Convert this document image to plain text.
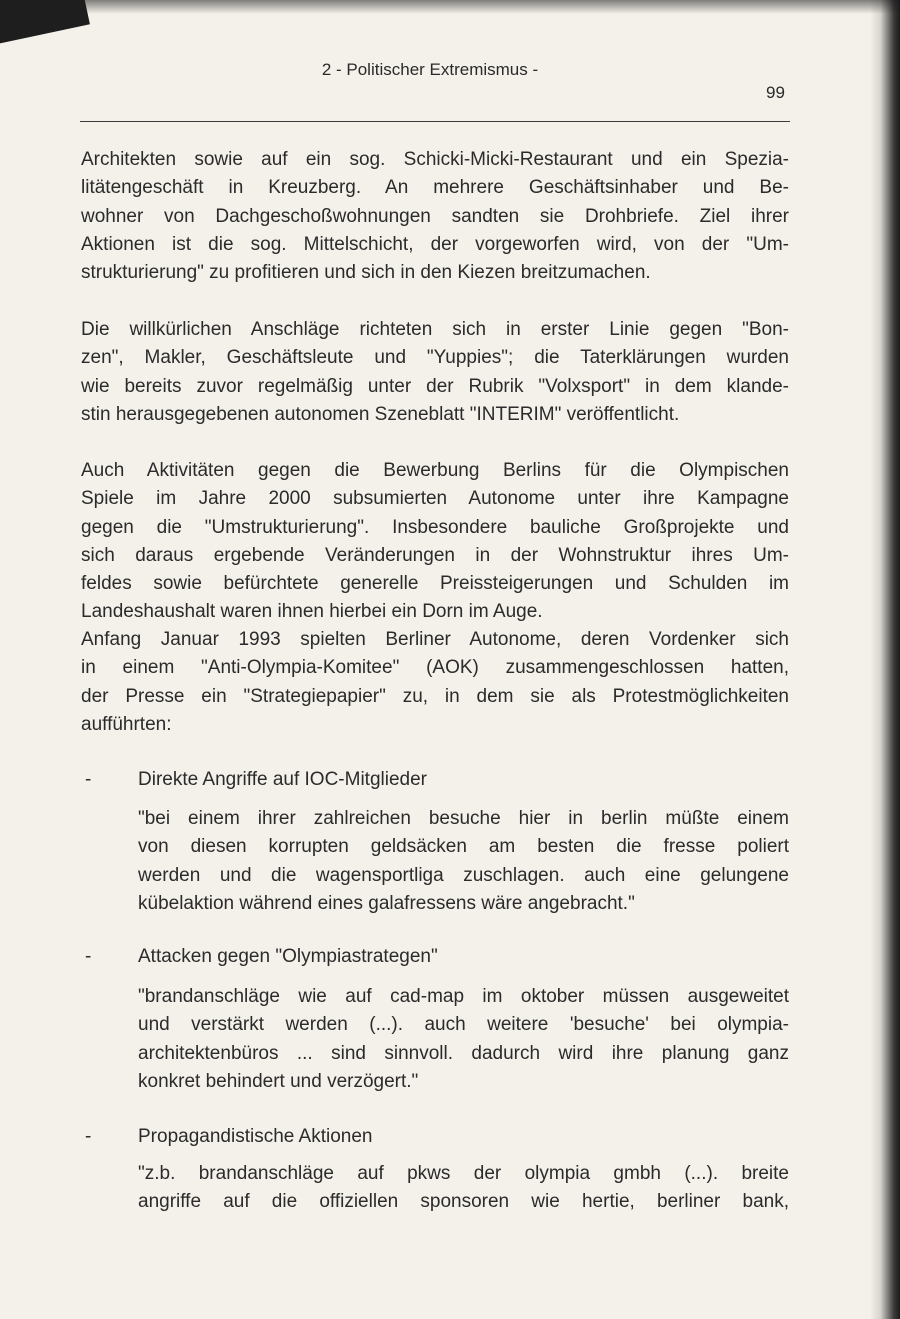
2 - Politischer Extremismus -
99
Architekten sowie auf ein sog. Schicki-Micki-Restaurant und ein Spezia-
litätengeschäft in Kreuzberg. An mehrere Geschäftsinhaber und Be-
wohner von Dachgeschoßwohnungen sandten sie Drohbriefe. Ziel ihrer
Aktionen ist die sog. Mittelschicht, der vorgeworfen wird, von der "Um-
strukturierung" zu profitieren und sich in den Kiezen breitzumachen.
Die willkürlichen Anschläge richteten sich in erster Linie gegen "Bon-
zen", Makler, Geschäftsleute und "Yuppies"; die Taterklärungen wurden
wie bereits zuvor regelmäßig unter der Rubrik "Volxsport" in dem klande-
stin herausgegebenen autonomen Szeneblatt "INTERIM" veröffentlicht.
Auch Aktivitäten gegen die Bewerbung Berlins für die Olympischen
Spiele im Jahre 2000 subsumierten Autonome unter ihre Kampagne
gegen die "Umstrukturierung". Insbesondere bauliche Großprojekte und
sich daraus ergebende Veränderungen in der Wohnstruktur ihres Um-
feldes sowie befürchtete generelle Preissteigerungen und Schulden im
Landeshaushalt waren ihnen hierbei ein Dorn im Auge.
Anfang Januar 1993 spielten Berliner Autonome, deren Vordenker sich
in einem "Anti-Olympia-Komitee" (AOK) zusammengeschlossen hatten,
der Presse ein "Strategiepapier" zu, in dem sie als Protestmöglichkeiten
aufführten:
- Direkte Angriffe auf IOC-Mitglieder
"bei einem ihrer zahlreichen besuche hier in berlin müßte einem
von diesen korrupten geldsäcken am besten die fresse poliert
werden und die wagensportliga zuschlagen. auch eine gelungene
kübelaktion während eines galafressens wäre angebracht."
- Attacken gegen "Olympiastrategen"
"brandanschläge wie auf cad-map im oktober müssen ausgeweitet
und verstärkt werden (...). auch weitere 'besuche' bei olympia-
architektenbüros ... sind sinnvoll. dadurch wird ihre planung ganz
konkret behindert und verzögert."
- Propagandistische Aktionen
"z.b. brandanschläge auf pkws der olympia gmbh (...). breite
angriffe auf die offiziellen sponsoren wie hertie, berliner bank,
